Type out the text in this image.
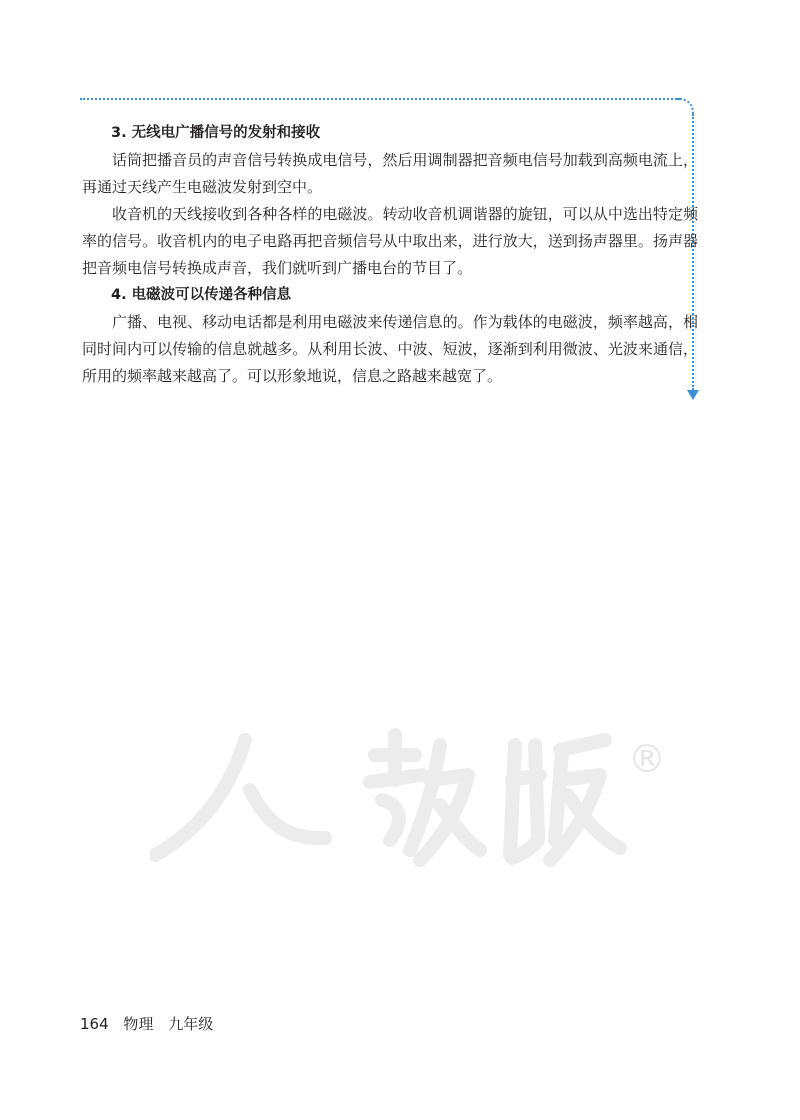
3. 无线电广播信号的发射和接收

话筒把播音员的声音信号转换成电信号，然后用调制器把音频电信号加载到高频电流上，再通过天线产生电磁波发射到空中。

收音机的天线接收到各种各样的电磁波。转动收音机调谐器的旋钮，可以从中选出特定频率的信号。收音机内的电子电路再把音频信号从中取出来，进行放大，送到扬声器里。扬声器把音频电信号转换成声音，我们就听到广播电台的节目了。

4. 电磁波可以传递各种信息

广播、电视、移动电话都是利用电磁波来传递信息的。作为载体的电磁波，频率越高，相同时间内可以传输的信息就越多。从利用长波、中波、短波，逐渐到利用微波、光波来通信，所用的频率越来越高了。可以形象地说，信息之路越来越宽了。

®
164 物理 九年级
